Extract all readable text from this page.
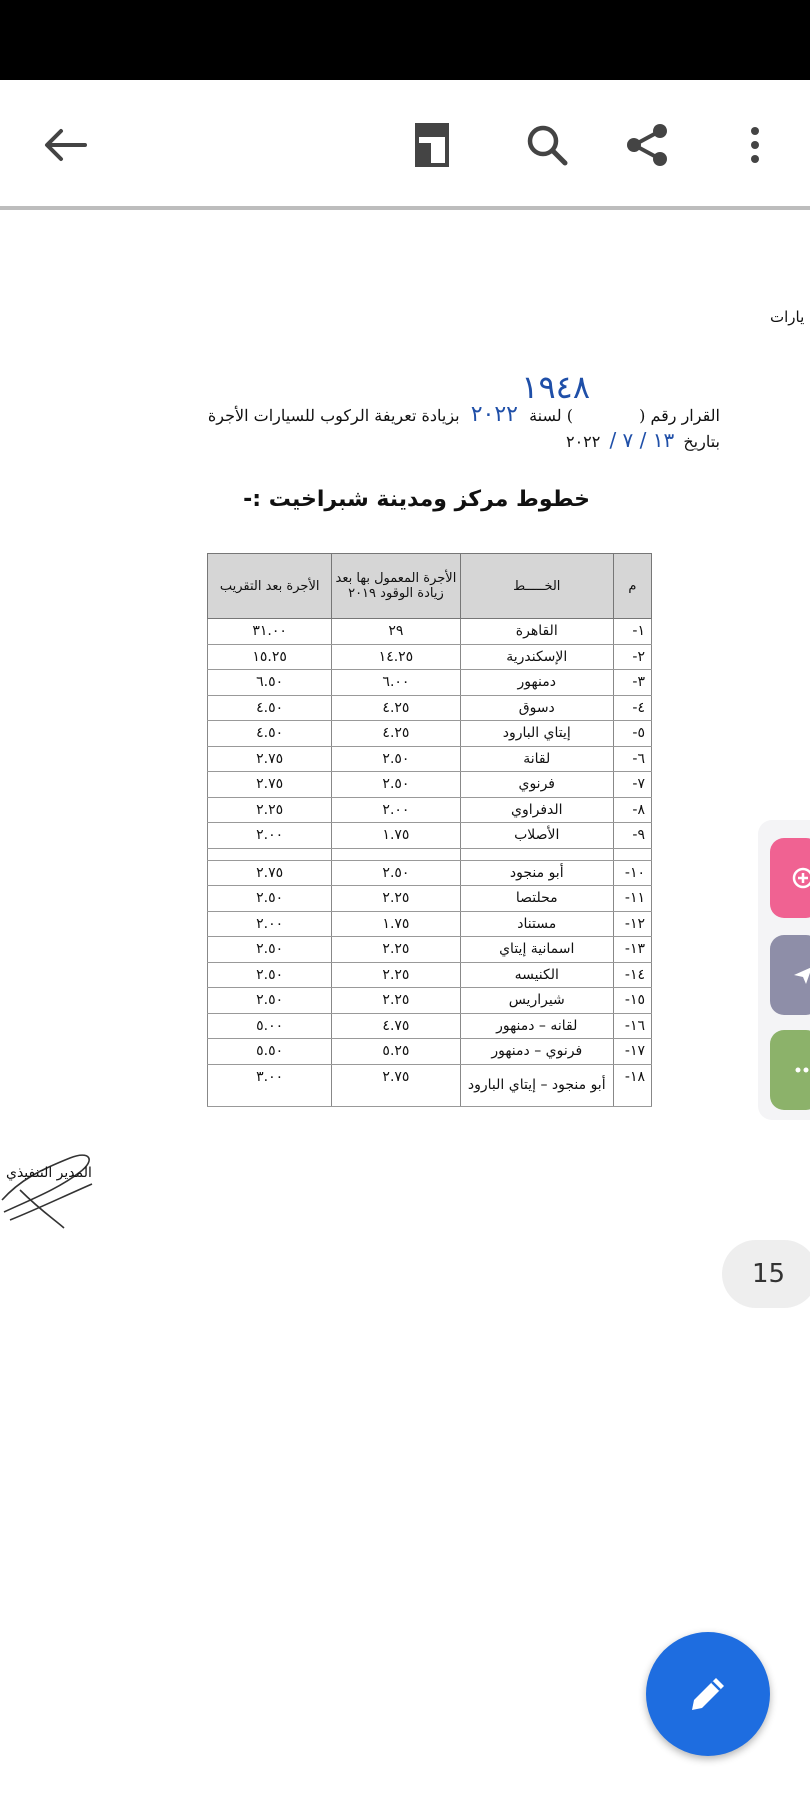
يارات
القرار رقم (
١٩٤٨
) لسنة ٢٠٢٢ بزيادة تعريفة الركوب للسيارات الأجرة
بتاريخ ١٣ / ٧ / ٢٠٢٢
خطوط مركز ومدينة شبراخيت :-
م	الخـــــط	الأجرة المعمول بها بعد زيادة الوقود ٢٠١٩	الأجرة بعد التقريب
١-	القاهرة	٢٩	٣١.٠٠
٢-	الإسكندرية	١٤.٢٥	١٥.٢٥
٣-	دمنهور	٦.٠٠	٦.٥٠
٤-	دسوق	٤.٢٥	٤.٥٠
٥-	إيتاي البارود	٤.٢٥	٤.٥٠
٦-	لقانة	٢.٥٠	٢.٧٥
٧-	فرنوي	٢.٥٠	٢.٧٥
٨-	الدفراوي	٢.٠٠	٢.٢٥
٩-	الأصلاب	١.٧٥	٢.٠٠

١٠-	أبو منجود	٢.٥٠	٢.٧٥
١١-	محلتصا	٢.٢٥	٢.٥٠
١٢-	مستناد	١.٧٥	٢.٠٠
١٣-	اسمانية إيتاي	٢.٢٥	٢.٥٠
١٤-	الكنيسه	٢.٢٥	٢.٥٠
١٥-	شيراريس	٢.٢٥	٢.٥٠
١٦-	لقانه – دمنهور	٤.٧٥	٥.٠٠
١٧-	فرنوي – دمنهور	٥.٢٥	٥.٥٠
١٨-	أبو منجود – إيتاي البارود	٢.٧٥	٣.٠٠
المدير التنفيذي
15
